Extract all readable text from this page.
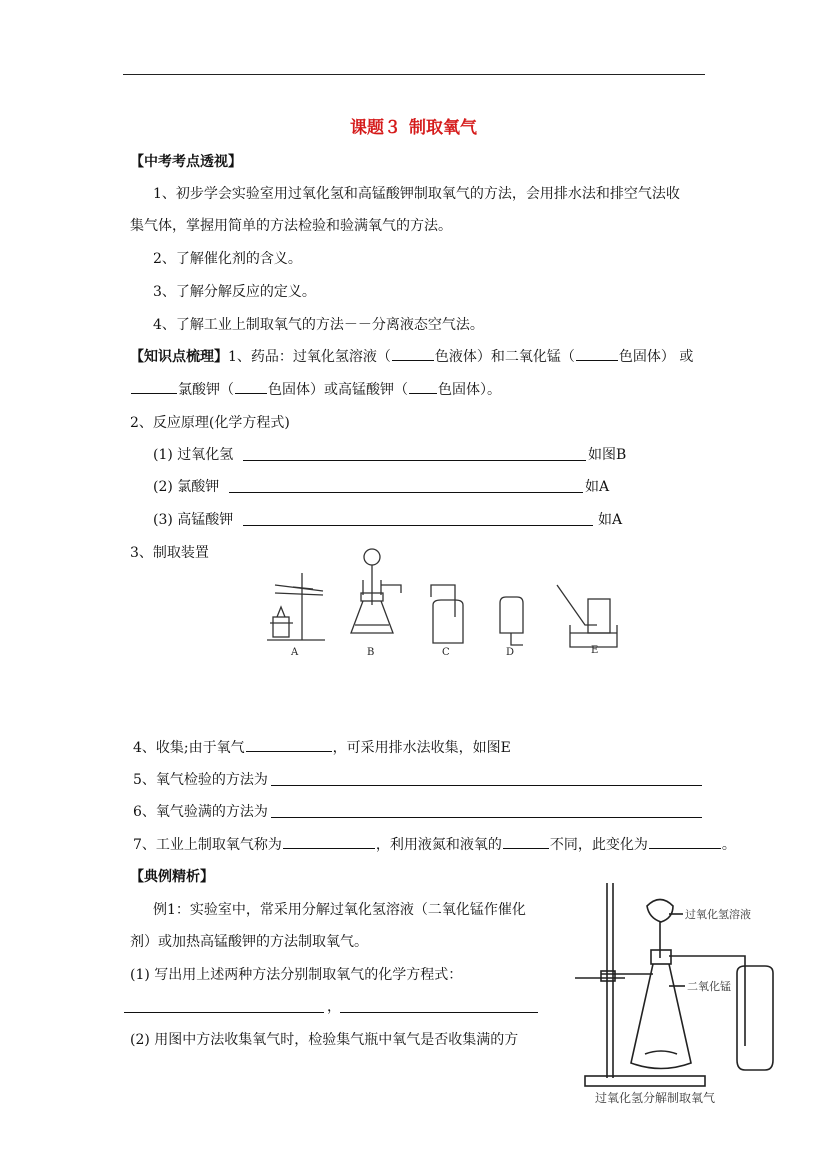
课题３ 制取氧气
【中考考点透视】
1、初步学会实验室用过氧化氢和高锰酸钾制取氧气的方法，会用排水法和排空气法收
集气体，掌握用简单的方法检验和验满氧气的方法。
2、了解催化剂的含义。
3、了解分解反应的定义。
4、了解工业上制取氧气的方法－－分离液态空气法。
【知识点梳理】1、药品：过氧化氢溶液（	色液体）和二氧化锰（	色固体） 或
氯酸钾（ 色固体）或高锰酸钾（ 色固体）。
2、反应原理(化学方程式)
(1) 过氧化氢	如图B
(2) 氯酸钾	如A
(3) 高锰酸钾	如A
3、制取装置
A	B	C	D	E
4、收集;由于氧气	，可采用排水法收集，如图E
5、氧气检验的方法为
6、氧气验满的方法为
7、工业上制取氧气称为	，利用液氮和液氧的	不同，此变化为	。
【典例精析】
例1：实验室中，常采用分解过氧化氢溶液（二氧化锰作催化
剂）或加热高锰酸钾的方法制取氧气。
(1) 写出用上述两种方法分别制取氧气的化学方程式：
，
(2) 用图中方法收集氧气时，检验集气瓶中氧气是否收集满的方
过氧化氢溶液
二氧化锰
过氧化氢分解制取氧气
